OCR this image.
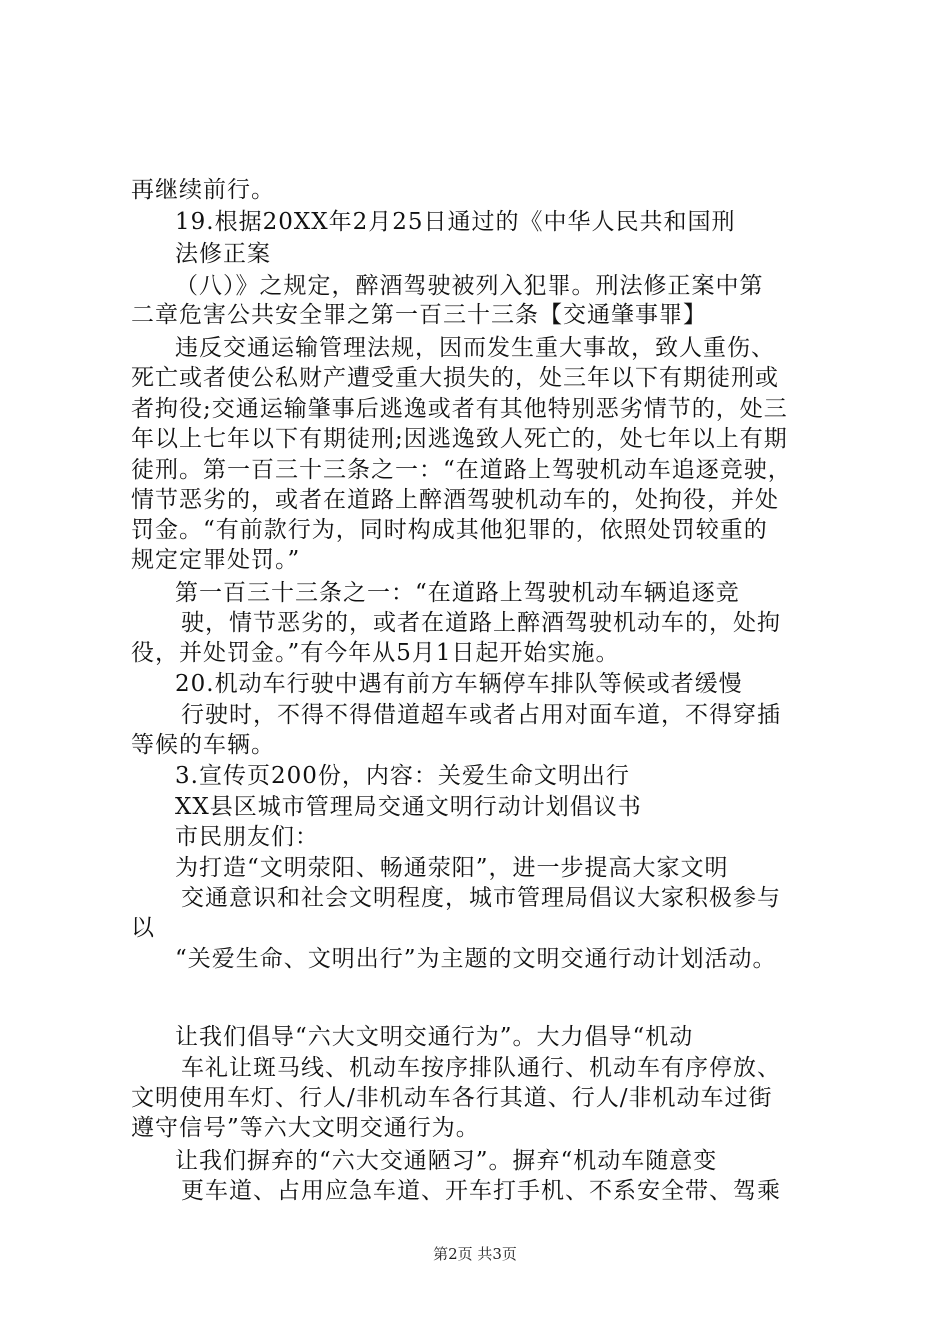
再继续前行。
19.根据20XX年2月25日通过的《中华人民共和国刑
法修正案
（八）》之规定，醉酒驾驶被列入犯罪。刑法修正案中第
二章危害公共安全罪之第一百三十三条【交通肇事罪】
违反交通运输管理法规，因而发生重大事故，致人重伤、
死亡或者使公私财产遭受重大损失的，处三年以下有期徒刑或
者拘役;交通运输肇事后逃逸或者有其他特别恶劣情节的，处三
年以上七年以下有期徒刑;因逃逸致人死亡的，处七年以上有期
徒刑。第一百三十三条之一：“在道路上驾驶机动车追逐竞驶，
情节恶劣的，或者在道路上醉酒驾驶机动车的，处拘役，并处
罚金。“有前款行为，同时构成其他犯罪的，依照处罚较重的
规定定罪处罚。”
第一百三十三条之一：“在道路上驾驶机动车辆追逐竞
驶，情节恶劣的，或者在道路上醉酒驾驶机动车的，处拘
役，并处罚金。”有今年从5月1日起开始实施。
20.机动车行驶中遇有前方车辆停车排队等候或者缓慢
行驶时，不得不得借道超车或者占用对面车道，不得穿插
等候的车辆。
3.宣传页200份，内容：关爱生命文明出行
XX县区城市管理局交通文明行动计划倡议书
市民朋友们：
为打造“文明荥阳、畅通荥阳”，进一步提高大家文明
交通意识和社会文明程度，城市管理局倡议大家积极参与
以
“关爱生命、文明出行”为主题的文明交通行动计划活动。
让我们倡导“六大文明交通行为”。大力倡导“机动
车礼让斑马线、机动车按序排队通行、机动车有序停放、
文明使用车灯、行人/非机动车各行其道、行人/非机动车过街
遵守信号”等六大文明交通行为。
让我们摒弃的“六大交通陋习”。摒弃“机动车随意变
更车道、占用应急车道、开车打手机、不系安全带、驾乘
第2页 共3页
